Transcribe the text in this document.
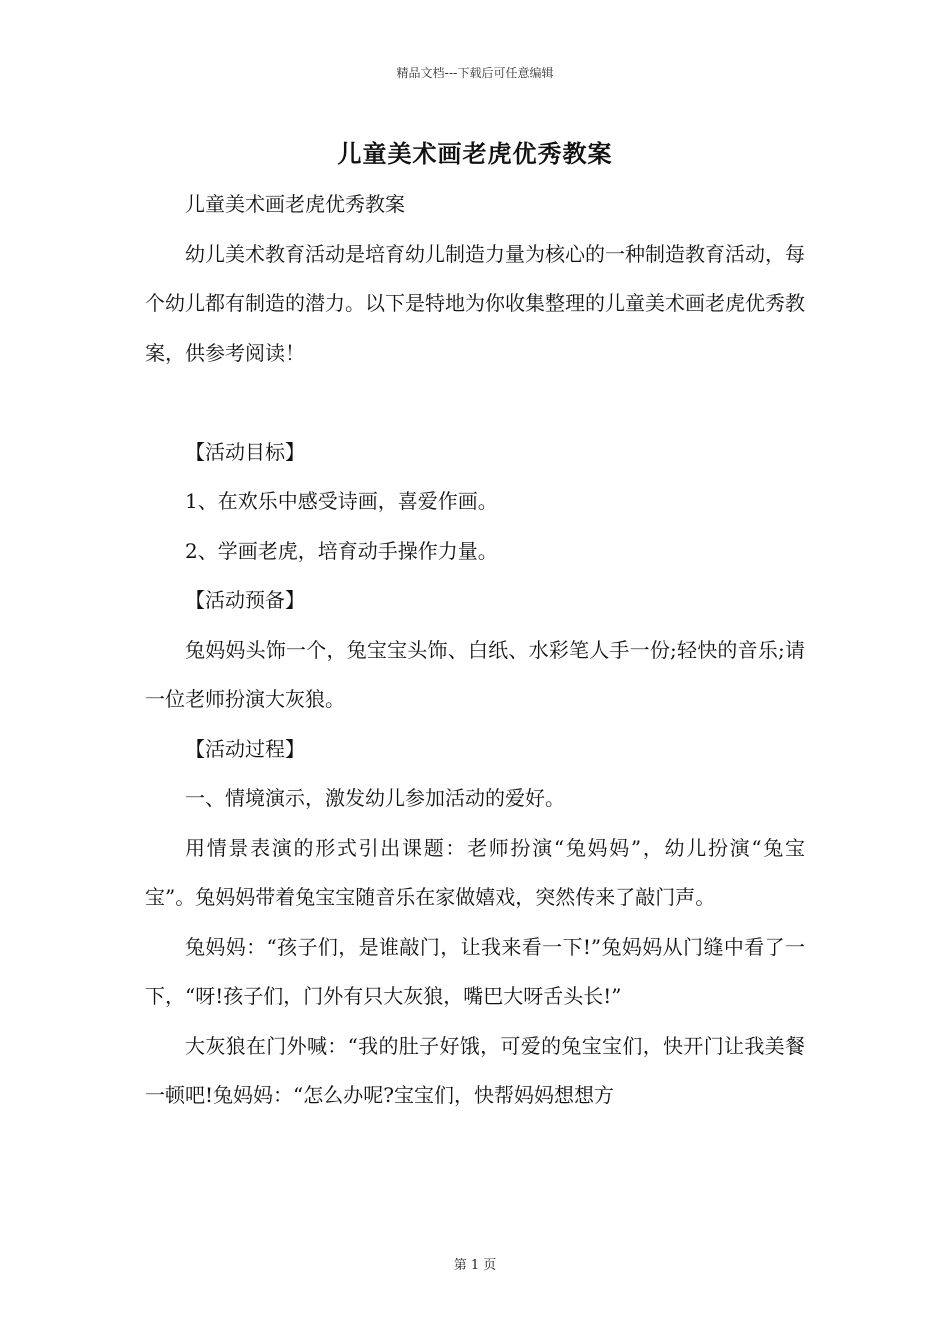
精品文档---下载后可任意编辑
儿童美术画老虎优秀教案

儿童美术画老虎优秀教案

幼儿美术教育活动是培育幼儿制造力量为核心的一种制造教育活动，每个幼儿都有制造的潜力。以下是特地为你收集整理的儿童美术画老虎优秀教案，供参考阅读！

【活动目标】

1、在欢乐中感受诗画，喜爱作画。

2、学画老虎，培育动手操作力量。

【活动预备】

兔妈妈头饰一个，兔宝宝头饰、白纸、水彩笔人手一份;轻快的音乐;请一位老师扮演大灰狼。

【活动过程】

一、情境演示，激发幼儿参加活动的爱好。

用情景表演的形式引出课题：老师扮演“兔妈妈”，幼儿扮演“兔宝宝”。兔妈妈带着兔宝宝随音乐在家做嬉戏，突然传来了敲门声。

兔妈妈：“孩子们，是谁敲门，让我来看一下!”兔妈妈从门缝中看了一下，“呀!孩子们，门外有只大灰狼，嘴巴大呀舌头长!”

大灰狼在门外喊：“我的肚子好饿，可爱的兔宝宝们，快开门让我美餐一顿吧!兔妈妈：“怎么办呢?宝宝们，快帮妈妈想想方

第 1 页
